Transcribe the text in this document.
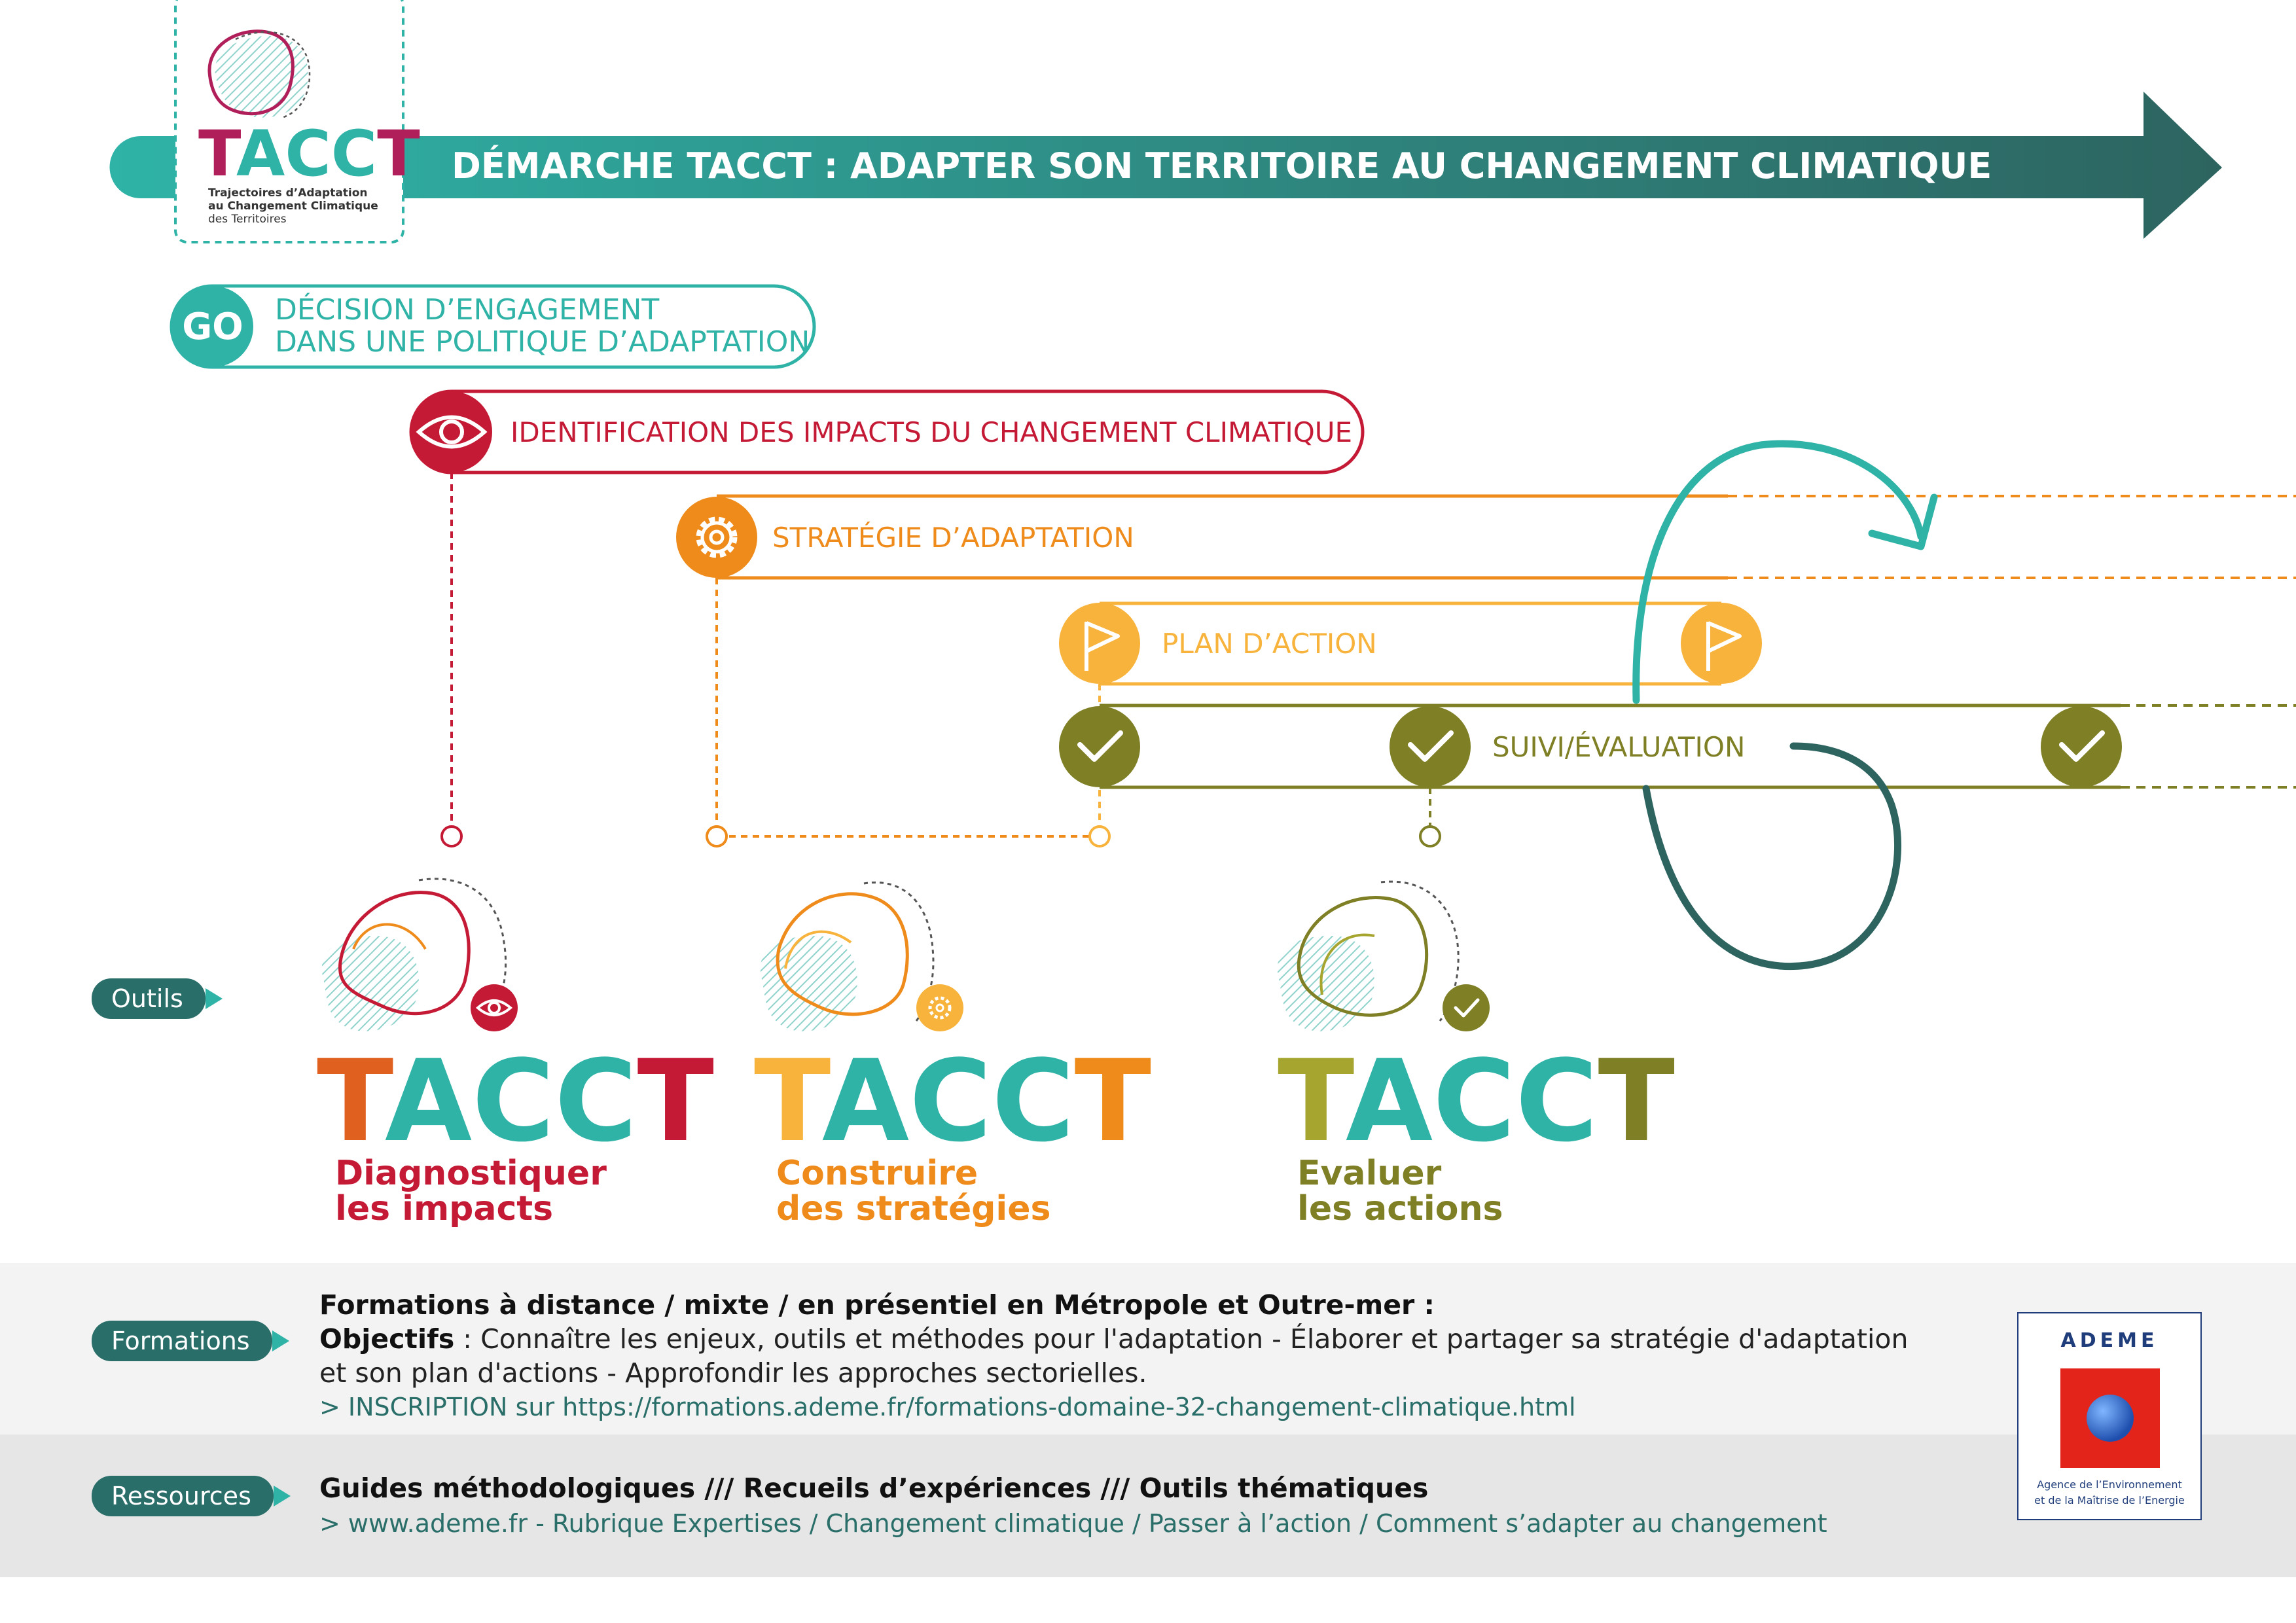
DÉMARCHE TACCT : ADAPTER SON TERRITOIRE AU CHANGEMENT CLIMATIQUE
TACCT
Trajectoires d’Adaptation
au Changement Climatique
des Territoires
GO DÉCISION D’ENGAGEMENT
DANS UNE POLITIQUE D’ADAPTATION
IDENTIFICATION DES IMPACTS DU CHANGEMENT CLIMATIQUE
STRATÉGIE D’ADAPTATION
PLAN D’ACTION
SUIVI/ÉVALUATION
TACCT
Diagnostiquer
les impacts
TACCT
Construire
des stratégies
TACCT
Evaluer
les actions
Outils
Formations
Ressources
Formations à distance / mixte / en présentiel en Métropole et Outre-mer :
Objectifs : Connaître les enjeux, outils et méthodes pour l'adaptation - Élaborer et partager sa stratégie d'adaptation
et son plan d'actions - Approfondir les approches sectorielles.
> INSCRIPTION sur https://formations.ademe.fr/formations-domaine-32-changement-climatique.html
Guides méthodologiques /// Recueils d’expériences /// Outils thématiques
> www.ademe.fr - Rubrique Expertises / Changement climatique / Passer à l’action / Comment s’adapter au changement
ADEME
Agence de l’Environnement
et de la Maîtrise de l’Energie
